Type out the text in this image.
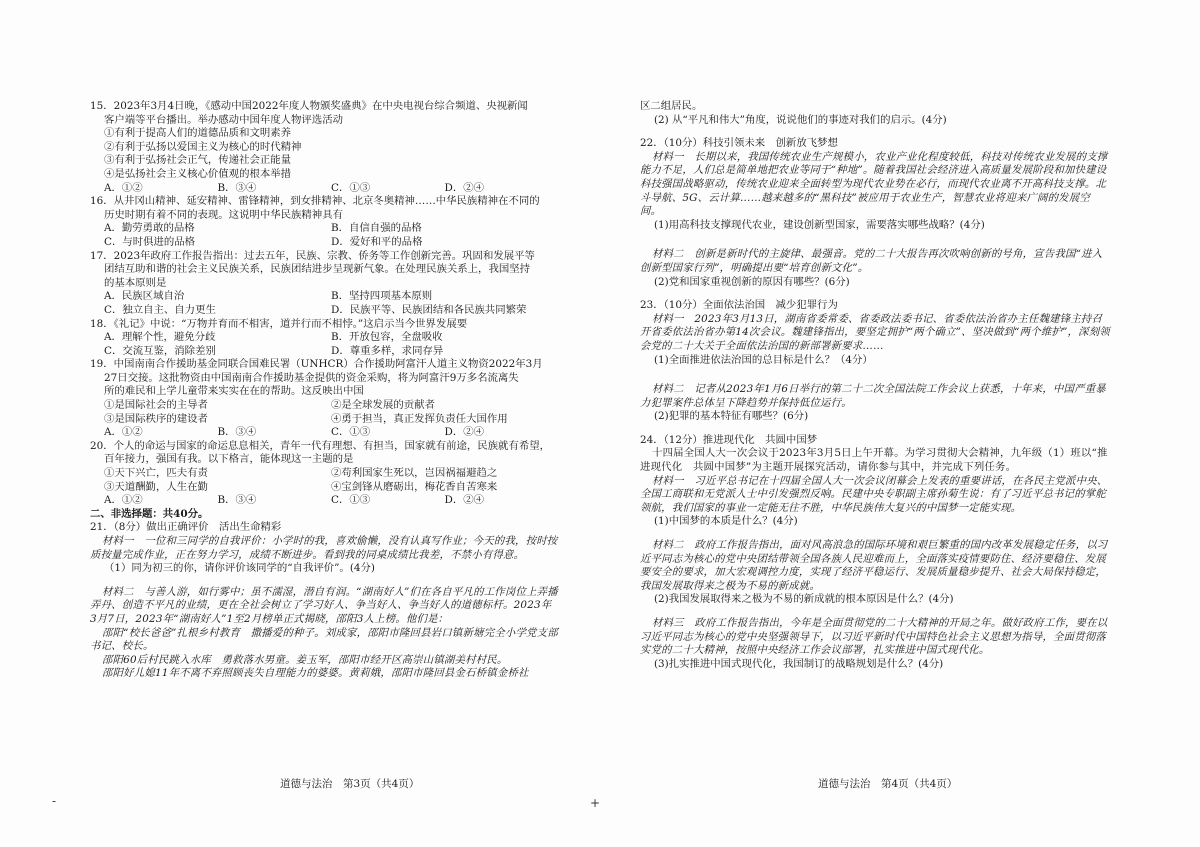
15．2023年3月4日晚，《感动中国2022年度人物颁奖盛典》在中央电视台综合频道、央视新闻
客户端等平台播出。举办感动中国年度人物评选活动
①有利于提高人们的道德品质和文明素养
②有利于弘扬以爱国主义为核心的时代精神
③有利于弘扬社会正气，传递社会正能量
④是弘扬社会主义核心价值观的根本举措
A．①②	B．③④	C．①③	D．②④
16．从井冈山精神、延安精神、雷锋精神，到女排精神、北京冬奥精神……中华民族精神在不同的
历史时期有着不同的表现。这说明中华民族精神具有
A．勤劳勇敢的品格	B．自信自强的品格
C．与时俱进的品格	D．爱好和平的品格
17．2023年政府工作报告指出：过去五年，民族、宗教、侨务等工作创新完善。巩固和发展平等
团结互助和谐的社会主义民族关系，民族团结进步呈现新气象。在处理民族关系上，我国坚持
的基本原则是
A．民族区域自治	B．坚持四项基本原则
C．独立自主、自力更生	D．民族平等、民族团结和各民族共同繁荣
18．《礼记》中说：“万物并育而不相害，道并行而不相悖。”这启示当今世界发展要
A．理解个性，避免分歧	B．开放包容，全盘吸收
C．交流互鉴，消除差别	D．尊重多样，求同存异
19．中国南南合作援助基金同联合国难民署（UNHCR）合作援助阿富汗人道主义物资2022年3月
27日交接。这批物资由中国南南合作援助基金提供的资金采购，将为阿富汗9万多名流离失
所的难民和上学儿童带来实实在在的帮助。这反映出中国
①是国际社会的主导者	②是全球发展的贡献者
③是国际秩序的建设者	④勇于担当，真正发挥负责任大国作用
A．①②	B．③④	C．①③	D．②④
20．个人的命运与国家的命运息息相关，青年一代有理想、有担当，国家就有前途，民族就有希望，
百年接力，强国有我。以下格言，能体现这一主题的是
①天下兴亡，匹夫有责	②苟利国家生死以，岂因祸福避趋之
③天道酬勤，人生在勤	④宝剑锋从磨砺出，梅花香自苦寒来
A．①②	B．③④	C．①③	D．②④
二、非选择题：共40分。
21．（8分）做出正确评价　活出生命精彩
材料一　一位和三同学的自我评价：小学时的我，喜欢偷懒，没有认真写作业；今天的我，按时按质按量完成作业，正在努力学习，成绩不断进步。看到我的同桌成绩比我差，不禁小有得意。
（1）同为初三的你，请你评价该同学的“自我评价”。(4分)
材料二　与善人游，如行雾中；虽不濡湿，潜自有润。“湖南好人”们在各自平凡的工作岗位上弄播弄丹、创造不平凡的业绩，更在全社会树立了学习好人、争当好人、争当好人的道德标杆。2023年3月7日，2023年“湖南好人”1至2月榜单正式揭晓，邵阳3人上榜。他们是：
邵阳“校长爸爸”扎根乡村教育　撒播爱的种子。刘成家，邵阳市隆回县岩口镇新塘完全小学党支部书记、校长。
邵阳60后村民跳入水库　勇救落水男童。姜玉军，邵阳市经开区高崇山镇湖美村村民。
邵阳好儿媳11年不离不弃照顾丧失自理能力的婆婆。黄莉娥，邵阳市隆回县金石桥镇金桥社
区二组居民。
(2) 从“平凡和伟大”角度，说说他们的事迹对我们的启示。(4分)
22．（10分）科技引领未来　创新放飞梦想
材料一　长期以来，我国传统农业生产规模小，农业产业化程度较低，科技对传统农业发展的支撑能力不足，人们总是简单地把农业等同于“种地”。随着我国社会经济进入高质量发展阶段和加快建设科技强国战略驱动，传统农业迎来全面转型为现代农业势在必行，而现代农业离不开高科技支撑。北斗导航、5G、云计算……越来越多的“黑科技”被应用于农业生产，智慧农业将迎来广阔的发展空间。
(1)用高科技支撑现代农业，建设创新型国家，需要落实哪些战略？(4分)
材料二　创新是新时代的主旋律、最强音。党的二十大报告再次吹响创新的号角，宣告我国“进入创新型国家行列”，明确提出要“培育创新文化”。
(2)党和国家重视创新的原因有哪些？(6分)
23．（10分）全面依法治国　减少犯罪行为
材料一　2023年3月13日，湖南省委常委、省委政法委书记、省委依法治省办主任魏建锋主持召开省委依法治省办第14次会议。魏建锋指出，要坚定拥护“两个确立”、坚决做到“两个维护”，深刻领会党的二十大关于全面依法治国的新部署新要求……
(1)全面推进依法治国的总目标是什么？（4分）
材料二　记者从2023年1月6日举行的第二十二次全国法院工作会议上获悉，十年来，中国严重暴力犯罪案件总体呈下降趋势并保持低位运行。
(2)犯罪的基本特征有哪些？(6分)
24．（12分）推进现代化　共圆中国梦
十四届全国人大一次会议于2023年3月5日上午开幕。为学习贯彻大会精神，九年级（1）班以“推进现代化　共圆中国梦”为主题开展探究活动，请你参与其中，并完成下列任务。
材料一　习近平总书记在十四届全国人大一次会议闭幕会上发表的重要讲话，在各民主党派中央、全国工商联和无党派人士中引发强烈反响。民建中央专职副主席孙菊生说：有了习近平总书记的掌舵领航，我们国家的事业一定能无往不胜，中华民族伟大复兴的中国梦一定能实现。
(1)中国梦的本质是什么？(4分)
材料二　政府工作报告指出，面对风高浪急的国际环境和艰巨繁重的国内改革发展稳定任务，以习近平同志为核心的党中央团结带领全国各族人民迎难而上，全面落实疫情要防住、经济要稳住、发展要安全的要求，加大宏观调控力度，实现了经济平稳运行、发展质量稳步提升、社会大局保持稳定，我国发展取得来之极为不易的新成就。
(2)我国发展取得来之极为不易的新成就的根本原因是什么？(4分)
材料三　政府工作报告指出，今年是全面贯彻党的二十大精神的开局之年。做好政府工作，要在以习近平同志为核心的党中央坚强领导下，以习近平新时代中国特色社会主义思想为指导，全面贯彻落实党的二十大精神，按照中央经济工作会议部署，扎实推进中国式现代化。
(3)扎实推进中国式现代化，我国制订的战略规划是什么？(4分)
道德与法治　第3页（共4页）	道德与法治　第4页（共4页）
+
-
